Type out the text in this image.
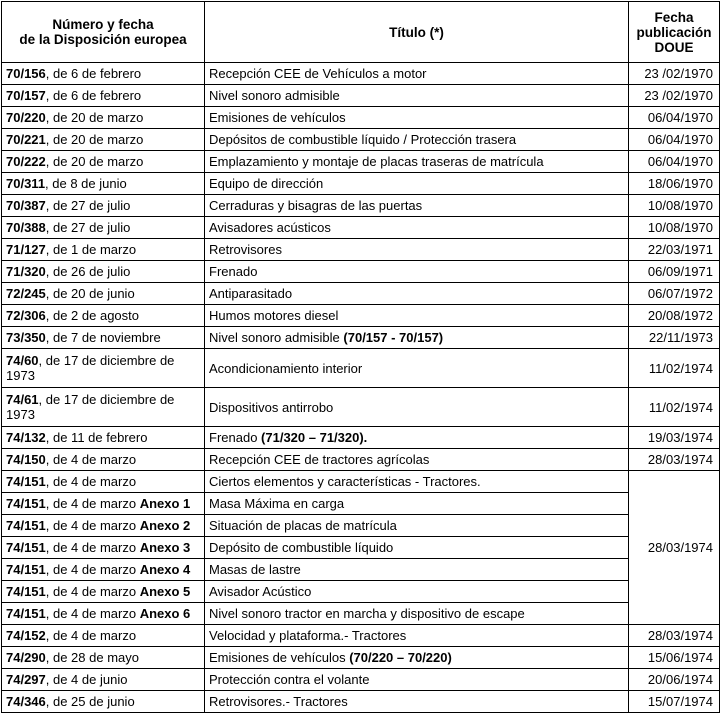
Número y fecha
de la Disposición europea	Título (*)	Fecha
publicación
DOUE
70/156, de 6 de febrero	Recepción CEE de Vehículos a motor	23 /02/1970
70/157, de 6 de febrero	Nivel sonoro admisible	23 /02/1970
70/220, de 20 de marzo	Emisiones de vehículos	06/04/1970
70/221, de 20 de marzo	Depósitos de combustible líquido / Protección trasera	06/04/1970
70/222, de 20 de marzo	Emplazamiento y montaje de placas traseras de matrícula	06/04/1970
70/311, de 8 de junio	Equipo de dirección	18/06/1970
70/387, de 27 de julio	Cerraduras y bisagras de las puertas	10/08/1970
70/388, de 27 de julio	Avisadores acústicos	10/08/1970
71/127, de 1 de marzo	Retrovisores	22/03/1971
71/320, de 26 de julio	Frenado	06/09/1971
72/245, de 20 de junio	Antiparasitado	06/07/1972
72/306, de 2 de agosto	Humos motores diesel	20/08/1972
73/350, de 7 de noviembre	Nivel sonoro admisible (70/157 - 70/157)	22/11/1973
74/60, de 17 de diciembre de 1973	Acondicionamiento interior	11/02/1974
74/61, de 17 de diciembre de 1973	Dispositivos antirrobo	11/02/1974
74/132, de 11 de febrero	Frenado (71/320 – 71/320).	19/03/1974
74/150, de 4 de marzo	Recepción CEE de tractores agrícolas	28/03/1974
74/151, de 4 de marzo	Ciertos elementos y características - Tractores.	28/03/1974
74/151, de 4 de marzo Anexo 1	Masa Máxima en carga	
74/151, de 4 de marzo Anexo 2	Situación de placas de matrícula	
74/151, de 4 de marzo Anexo 3	Depósito de combustible líquido	
74/151, de 4 de marzo Anexo 4	Masas de lastre	
74/151, de 4 de marzo Anexo 5	Avisador Acústico	
74/151, de 4 de marzo Anexo 6	Nivel sonoro tractor en marcha y dispositivo de escape	
74/152, de 4 de marzo	Velocidad y plataforma.- Tractores	28/03/1974
74/290, de 28 de mayo	Emisiones de vehículos (70/220 – 70/220)	15/06/1974
74/297, de 4 de junio	Protección contra el volante	20/06/1974
74/346, de 25 de junio	Retrovisores.- Tractores	15/07/1974
